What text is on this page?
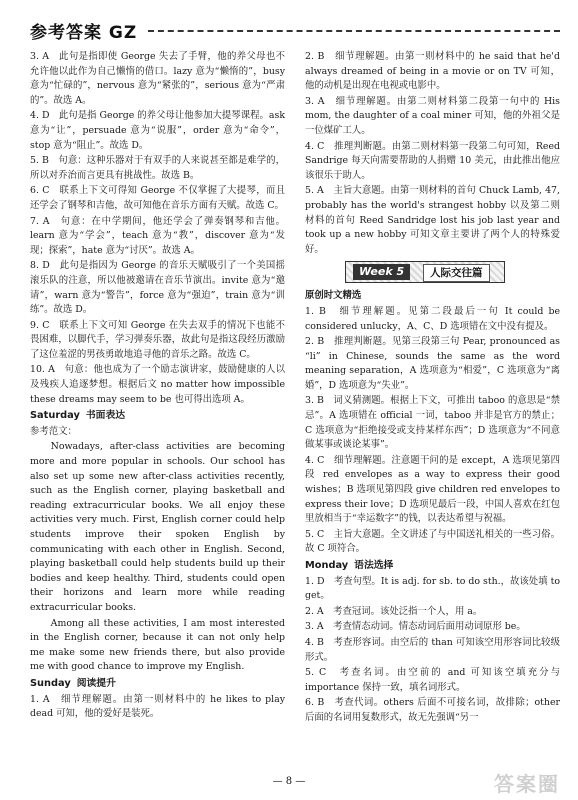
参考答案 GZ
3. A　此句是指即使 George 失去了手臂，他的养父母也不允许他以此作为自己懒惰的借口。lazy 意为“懒惰的”，busy 意为“忙碌的”，nervous 意为“紧张的”，serious 意为“严肃的”。故选 A。
4. D　此句是指 George 的养父母让他参加大提琴课程。ask 意为“让”，persuade 意为“说服”，order 意为“命令”，stop 意为“阻止”。故选 D。
5. B　句意：这种乐器对于有双手的人来说甚至都是难学的，所以对乔治而言更具有挑战性。故选 B。
6. C　联系上下文可得知 George 不仅掌握了大提琴，而且还学会了钢琴和吉他，故可知他在音乐方面有天赋。故选 C。
7. A　句意：在中学期间，他还学会了弹奏钢琴和吉他。learn 意为“学会”，teach 意为“教”，discover 意为“发现；探索”，hate 意为“讨厌”。故选 A。
8. D　此句是指因为 George 的音乐天赋吸引了一个美国摇滚乐队的注意，所以他被邀请在音乐节演出。invite 意为“邀请”，warn 意为“警告”，force 意为“强迫”，train 意为“训练”。故选 D。
9. C　联系上下文可知 George 在失去双手的情况下也能不畏困难，以脚代手，学习弹奏乐器，故此句是指这段经历激励了这位羞涩的男孩勇敢地追寻他的音乐之路。故选 C。
10. A　句意：他也成为了一个励志演讲家，鼓励健康的人以及残疾人追逐梦想。根据后文 no matter how impossible these dreams may seem to be 也可得出选项 A。
Saturday 书面表达
参考范文：
Nowadays, after-class activities are becoming more and more popular in schools. Our school has also set up some new after-class activities recently, such as the English corner, playing basketball and reading extracurricular books. We all enjoy these activities very much. First, English corner could help students improve their spoken English by communicating with each other in English. Second, playing basketball could help students build up their bodies and keep healthy. Third, students could open their horizons and learn more while reading extracurricular books.
Among all these activities, I am most interested in the English corner, because it can not only help me make some new friends there, but also provide me with good chance to improve my English.
Sunday 阅读提升
1. A　细节理解题。由第一则材料中的 he likes to play dead 可知，他的爱好是装死。
2. B　细节理解题。由第一则材料中的 he said that he'd always dreamed of being in a movie or on TV 可知，他的动机是出现在电视或电影中。
3. A　细节理解题。由第二则材料第二段第一句中的 His mom, the daughter of a coal miner 可知，他的外祖父是一位煤矿工人。
4. C　推理判断题。由第二则材料第一段第二句可知，Reed Sandrige 每天向需要帮助的人捐赠 10 美元，由此推出他应该很乐于助人。
5. A　主旨大意题。由第一则材料的首句 Chuck Lamb, 47, probably has the world's strangest hobby 以及第二则材料的首句 Reed Sandridge lost his job last year and took up a new hobby 可知文章主要讲了两个人的特殊爱好。
Week 5	人际交往篇
原创时文精选
1. B　细节理解题。见第二段最后一句 It could be considered unlucky，A、C、D 选项错在文中没有提及。
2. B　推理判断题。见第三段第三句 Pear, pronounced as “li” in Chinese, sounds the same as the word meaning separation，A 选项意为“相爱”，C 选项意为“离婚”，D 选项意为“失业”。
3. B　词义猜测题。根据上下文，可推出 taboo 的意思是“禁忌”。A 选项错在 official 一词，taboo 并非是官方的禁止；C 选项意为“拒绝接受或支持某样东西”；D 选项意为“不同意做某事或谈论某事”。
4. C　细节理解题。注意题干问的是 except，A 选项见第四段 red envelopes as a way to express their good wishes；B 选项见第四段 give children red envelopes to express their love；D 选项见最后一段，中国人喜欢在红包里放相当于“幸运数字”的钱，以表达希望与祝福。
5. C　主旨大意题。全文讲述了与中国送礼相关的一些习俗。故 C 项符合。
Monday 语法选择
1. D　考查句型。It is adj. for sb. to do sth.，故该处填 to get。
2. A　考查冠词。该处泛指一个人，用 a。
3. A　考查情态动词。情态动词后面用动词原形 be。
4. B　考查形容词。由空后的 than 可知该空用形容词比较级形式。
5. C　考查名词。由空前的 and 可知该空填充分与 importance 保持一致，填名词形式。
6. B　考查代词。others 后面不可接名词，故排除；other 后面的名词用复数形式，故无先强调“另一
— 8 —	答案圈
